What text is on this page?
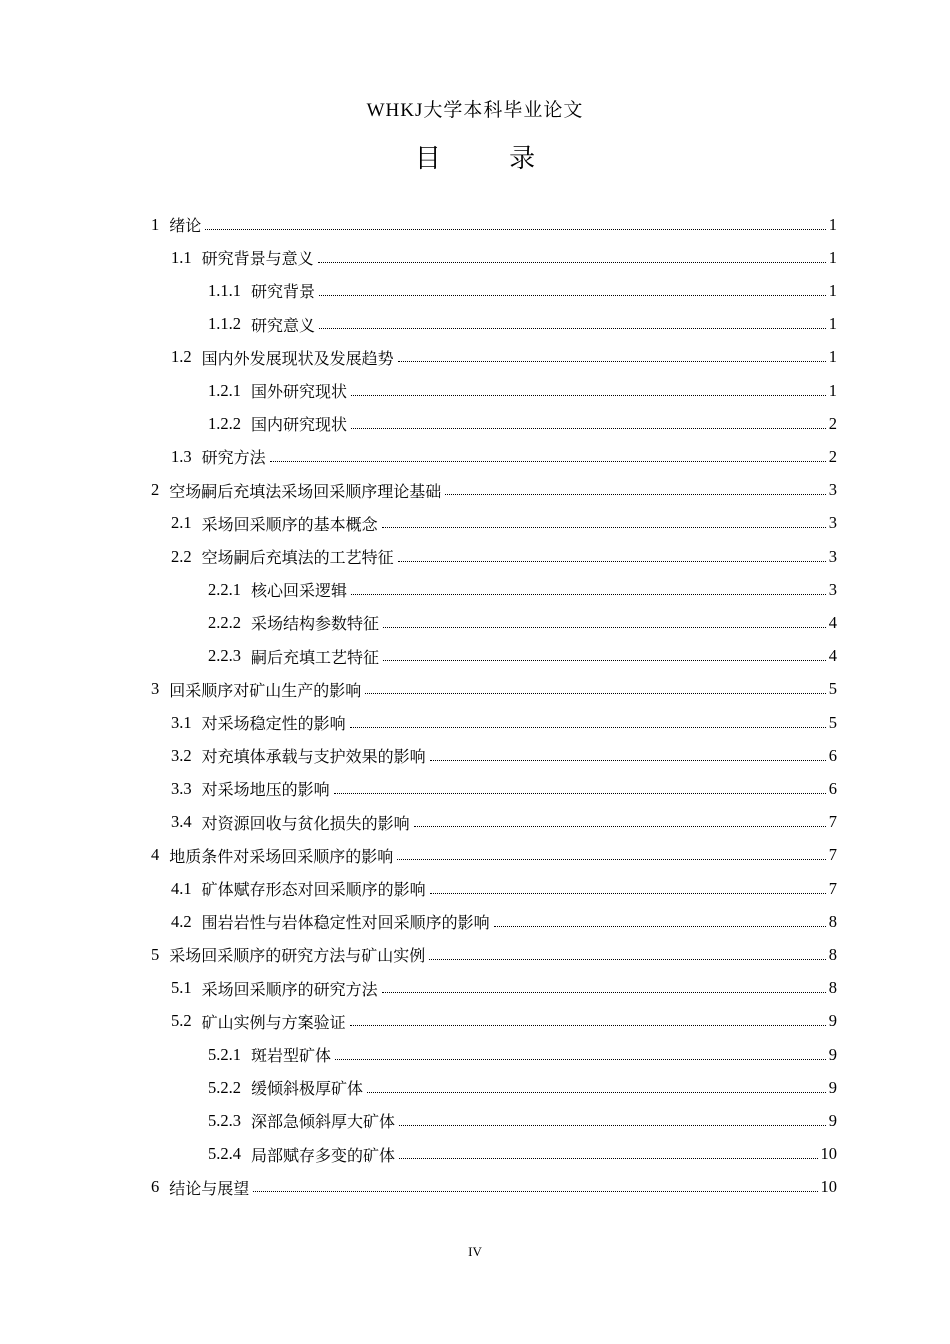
WHKJ大学本科毕业论文
目 录
1 绪论	1
1.1 研究背景与意义	1
1.1.1 研究背景	1
1.1.2 研究意义	1
1.2 国内外发展现状及发展趋势	1
1.2.1 国外研究现状	1
1.2.2 国内研究现状	2
1.3 研究方法	2
2 空场嗣后充填法采场回采顺序理论基础	3
2.1 采场回采顺序的基本概念	3
2.2 空场嗣后充填法的工艺特征	3
2.2.1 核心回采逻辑	3
2.2.2 采场结构参数特征	4
2.2.3 嗣后充填工艺特征	4
3 回采顺序对矿山生产的影响	5
3.1 对采场稳定性的影响	5
3.2 对充填体承载与支护效果的影响	6
3.3 对采场地压的影响	6
3.4 对资源回收与贫化损失的影响	7
4 地质条件对采场回采顺序的影响	7
4.1 矿体赋存形态对回采顺序的影响	7
4.2 围岩岩性与岩体稳定性对回采顺序的影响	8
5 采场回采顺序的研究方法与矿山实例	8
5.1 采场回采顺序的研究方法	8
5.2 矿山实例与方案验证	9
5.2.1 斑岩型矿体	9
5.2.2 缓倾斜极厚矿体	9
5.2.3 深部急倾斜厚大矿体	9
5.2.4 局部赋存多变的矿体	10
6 结论与展望	10
IV
